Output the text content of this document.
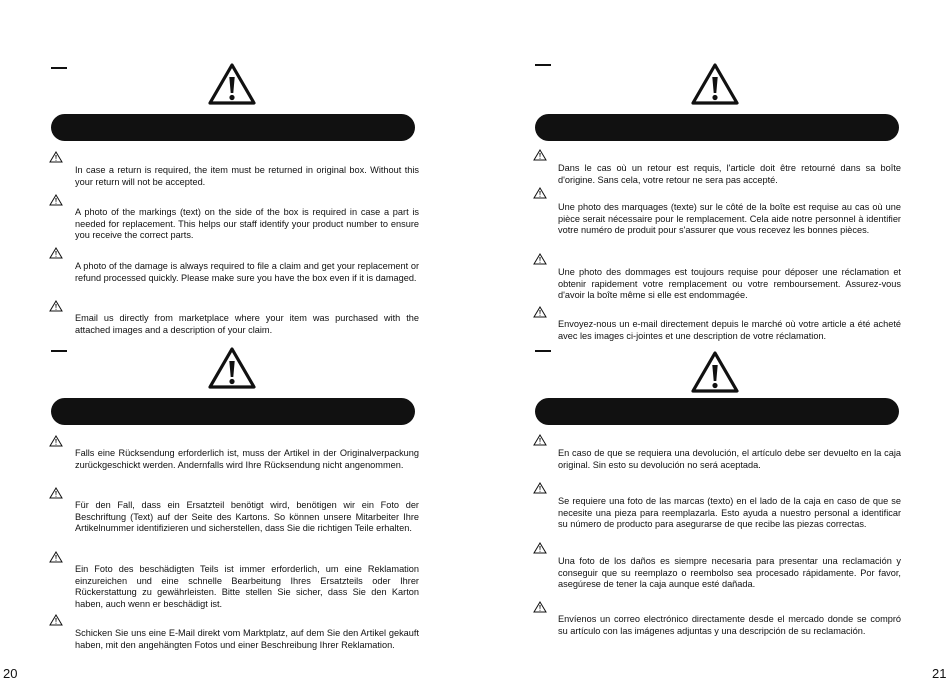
In case a return is required, the item must be returned in original box. Without this your return will not be accepted.
A photo of the markings (text) on the side of the box is required in case a part is needed for replacement. This helps our staff identify your product number to ensure you receive the correct parts.
A photo of the damage is always required to file a claim and get your replacement or refund processed quickly. Please make sure you have the box even if it is damaged.
Email us directly from marketplace where your item was purchased with the attached images and a description of your claim.
Falls eine Rücksendung erforderlich ist, muss der Artikel in der Originalverpackung zurückgeschickt werden. Andernfalls wird Ihre Rücksendung nicht angenommen.
Für den Fall, dass ein Ersatzteil benötigt wird, benötigen wir ein Foto der Beschriftung (Text) auf der Seite des Kartons. So können unsere Mitarbeiter Ihre Artikelnummer identifizieren und sicherstellen, dass Sie die richtigen Teile erhalten.
Ein Foto des beschädigten Teils ist immer erforderlich, um eine Reklamation einzureichen und eine schnelle Bearbeitung Ihres Ersatzteils oder Ihrer Rückerstattung zu gewährleisten. Bitte stellen Sie sicher, dass Sie den Karton haben, auch wenn er beschädigt ist.
Schicken Sie uns eine E-Mail direkt vom Marktplatz, auf dem Sie den Artikel gekauft haben, mit den angehängten Fotos und einer Beschreibung Ihrer Reklamation.
20
Dans le cas où un retour est requis, l'article doit être retourné dans sa boîte d'origine. Sans cela, votre retour ne sera pas accepté.
Une photo des marquages (texte) sur le côté de la boîte est requise au cas où une pièce serait nécessaire pour le remplacement. Cela aide notre personnel à identifier votre numéro de produit pour s'assurer que vous recevez les bonnes pièces.
Une photo des dommages est toujours requise pour déposer une réclamation et obtenir rapidement votre remplacement ou votre remboursement. Assurez-vous d'avoir la boîte même si elle est endommagée.
Envoyez-nous un e-mail directement depuis le marché où votre article a été acheté avec les images ci-jointes et une description de votre réclamation.
En caso de que se requiera una devolución, el artículo debe ser devuelto en la caja original. Sin esto su devolución no será aceptada.
Se requiere una foto de las marcas (texto) en el lado de la caja en caso de que se necesite una pieza para reemplazarla. Esto ayuda a nuestro personal a identificar su número de producto para asegurarse de que recibe las piezas correctas.
Una foto de los daños es siempre necesaria para presentar una reclamación y conseguir que su reemplazo o reembolso sea procesado rápidamente. Por favor, asegúrese de tener la caja aunque esté dañada.
Envíenos un correo electrónico directamente desde el mercado donde se compró su artículo con las imágenes adjuntas y una descripción de su reclamación.
21
